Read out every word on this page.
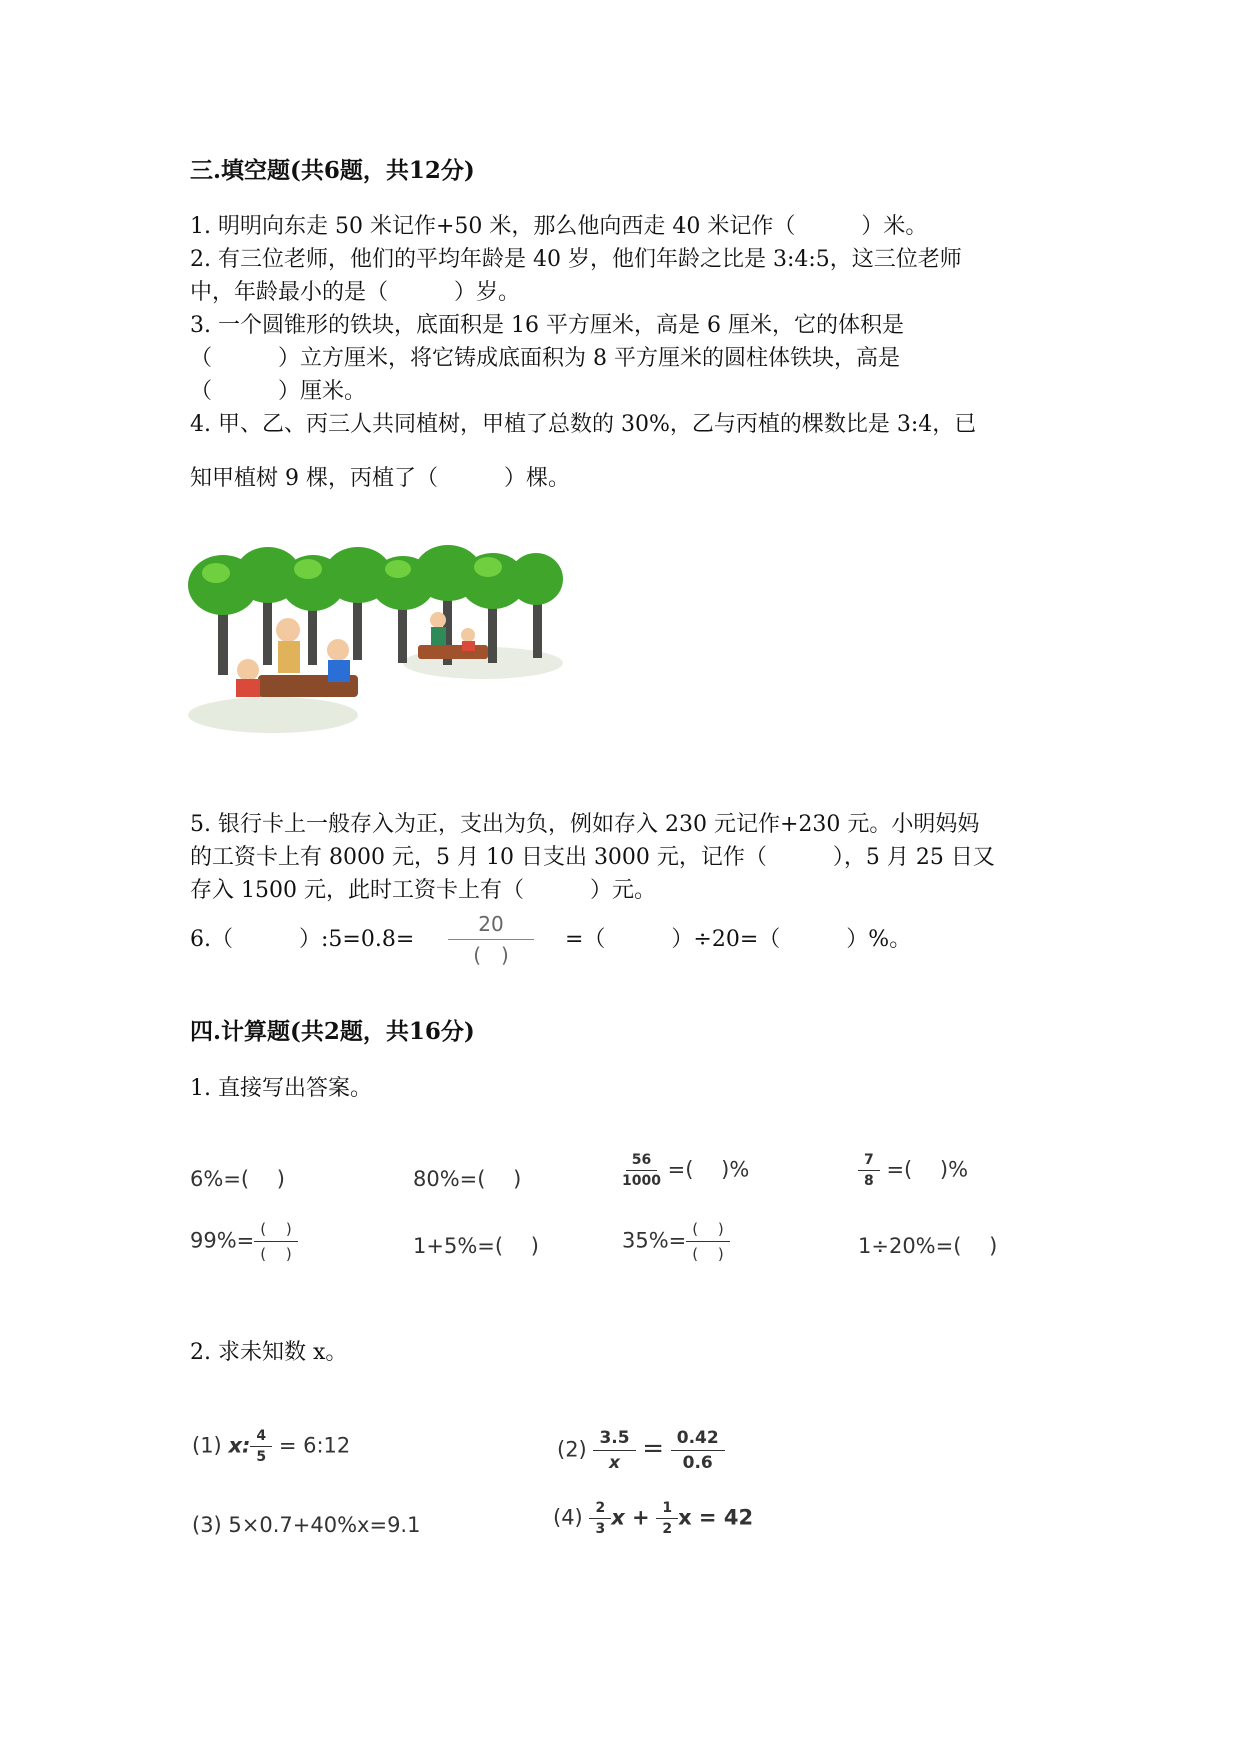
三.填空题(共6题，共12分)
1. 明明向东走 50 米记作+50 米，那么他向西走 40 米记作（　　　）米。
2. 有三位老师，他们的平均年龄是 40 岁，他们年龄之比是 3:4:5，这三位老师
中，年龄最小的是（　　　）岁。
3. 一个圆锥形的铁块，底面积是 16 平方厘米，高是 6 厘米，它的体积是
（　　　）立方厘米，将它铸成底面积为 8 平方厘米的圆柱体铁块，高是
（　　　）厘米。
4. 甲、乙、丙三人共同植树，甲植了总数的 30%，乙与丙植的棵数比是 3:4，已
知甲植树 9 棵，丙植了（　　　）棵。
5. 银行卡上一般存入为正，支出为负，例如存入 230 元记作+230 元。小明妈妈
的工资卡上有 8000 元，5 月 10 日支出 3000 元，记作（　　　），5 月 25 日又
存入 1500 元，此时工资卡上有（　　　）元。
6.（　　　）:5=0.8=
20
(　)
=（　　　）÷20=（　　　）%。
四.计算题(共2题，共16分)
1. 直接写出答案。
6%=(　 )	80%=(　 )	$\frac{56}{1000}$ =(　 )%	$\frac{7}{8}$ =(　 )%
$99\%= \frac{( )}{( )}$	1+5%=(　 )	$35\%= \frac{( )}{( )}$	1÷20%=(　 )
2. 求未知数 x。
(1) x: $\frac{4}{5}$ = 6:12	$(2) \frac{3.5}{x} = \frac{0.42}{0.6}$
(3) 5×0.7+40%x=9.1	$(4) \frac{2}{3}$ $x + \frac{1}{2}$ x = 42
